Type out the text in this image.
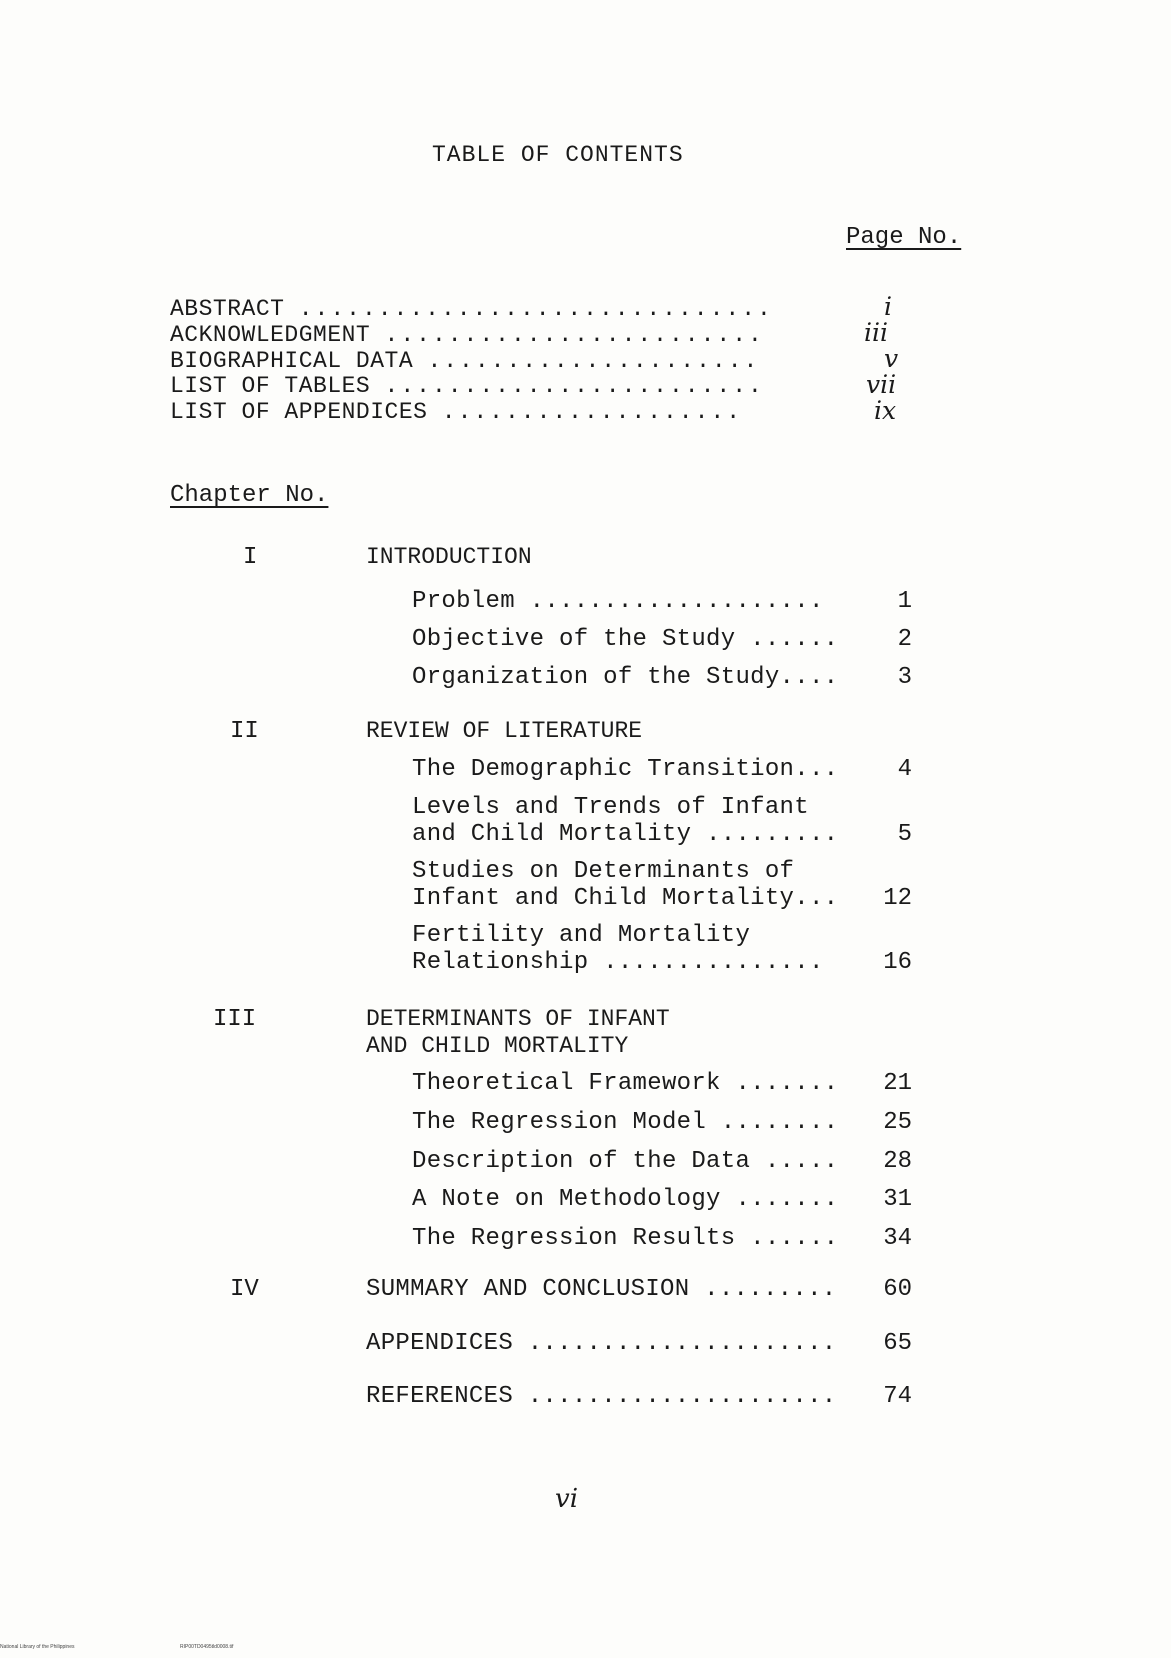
TABLE OF CONTENTS
Page No.
ABSTRACT ..............................	i
ACKNOWLEDGMENT ........................	iii
BIOGRAPHICAL DATA .....................	v
LIST OF TABLES ........................	vii
LIST OF APPENDICES ...................	ix
Chapter No.
I	INTRODUCTION
Problem ....................	1
Objective of the Study ......	2
Organization of the Study....	3
II	REVIEW OF LITERATURE
The Demographic Transition...	4
Levels and Trends of Infant
and Child Mortality .........	5
Studies on Determinants of
Infant and Child Mortality...	12
Fertility and Mortality
Relationship ...............	16
III	DETERMINANTS OF INFANT
AND CHILD MORTALITY
Theoretical Framework .......	21
The Regression Model ........	25
Description of the Data .....	28
A Note on Methodology .......	31
The Regression Results ......	34
IV	SUMMARY AND CONCLUSION .........	60
APPENDICES .....................	65
REFERENCES .....................	74
vi
National Library of the Philippines	RIP00TD0495tld0008.tif
